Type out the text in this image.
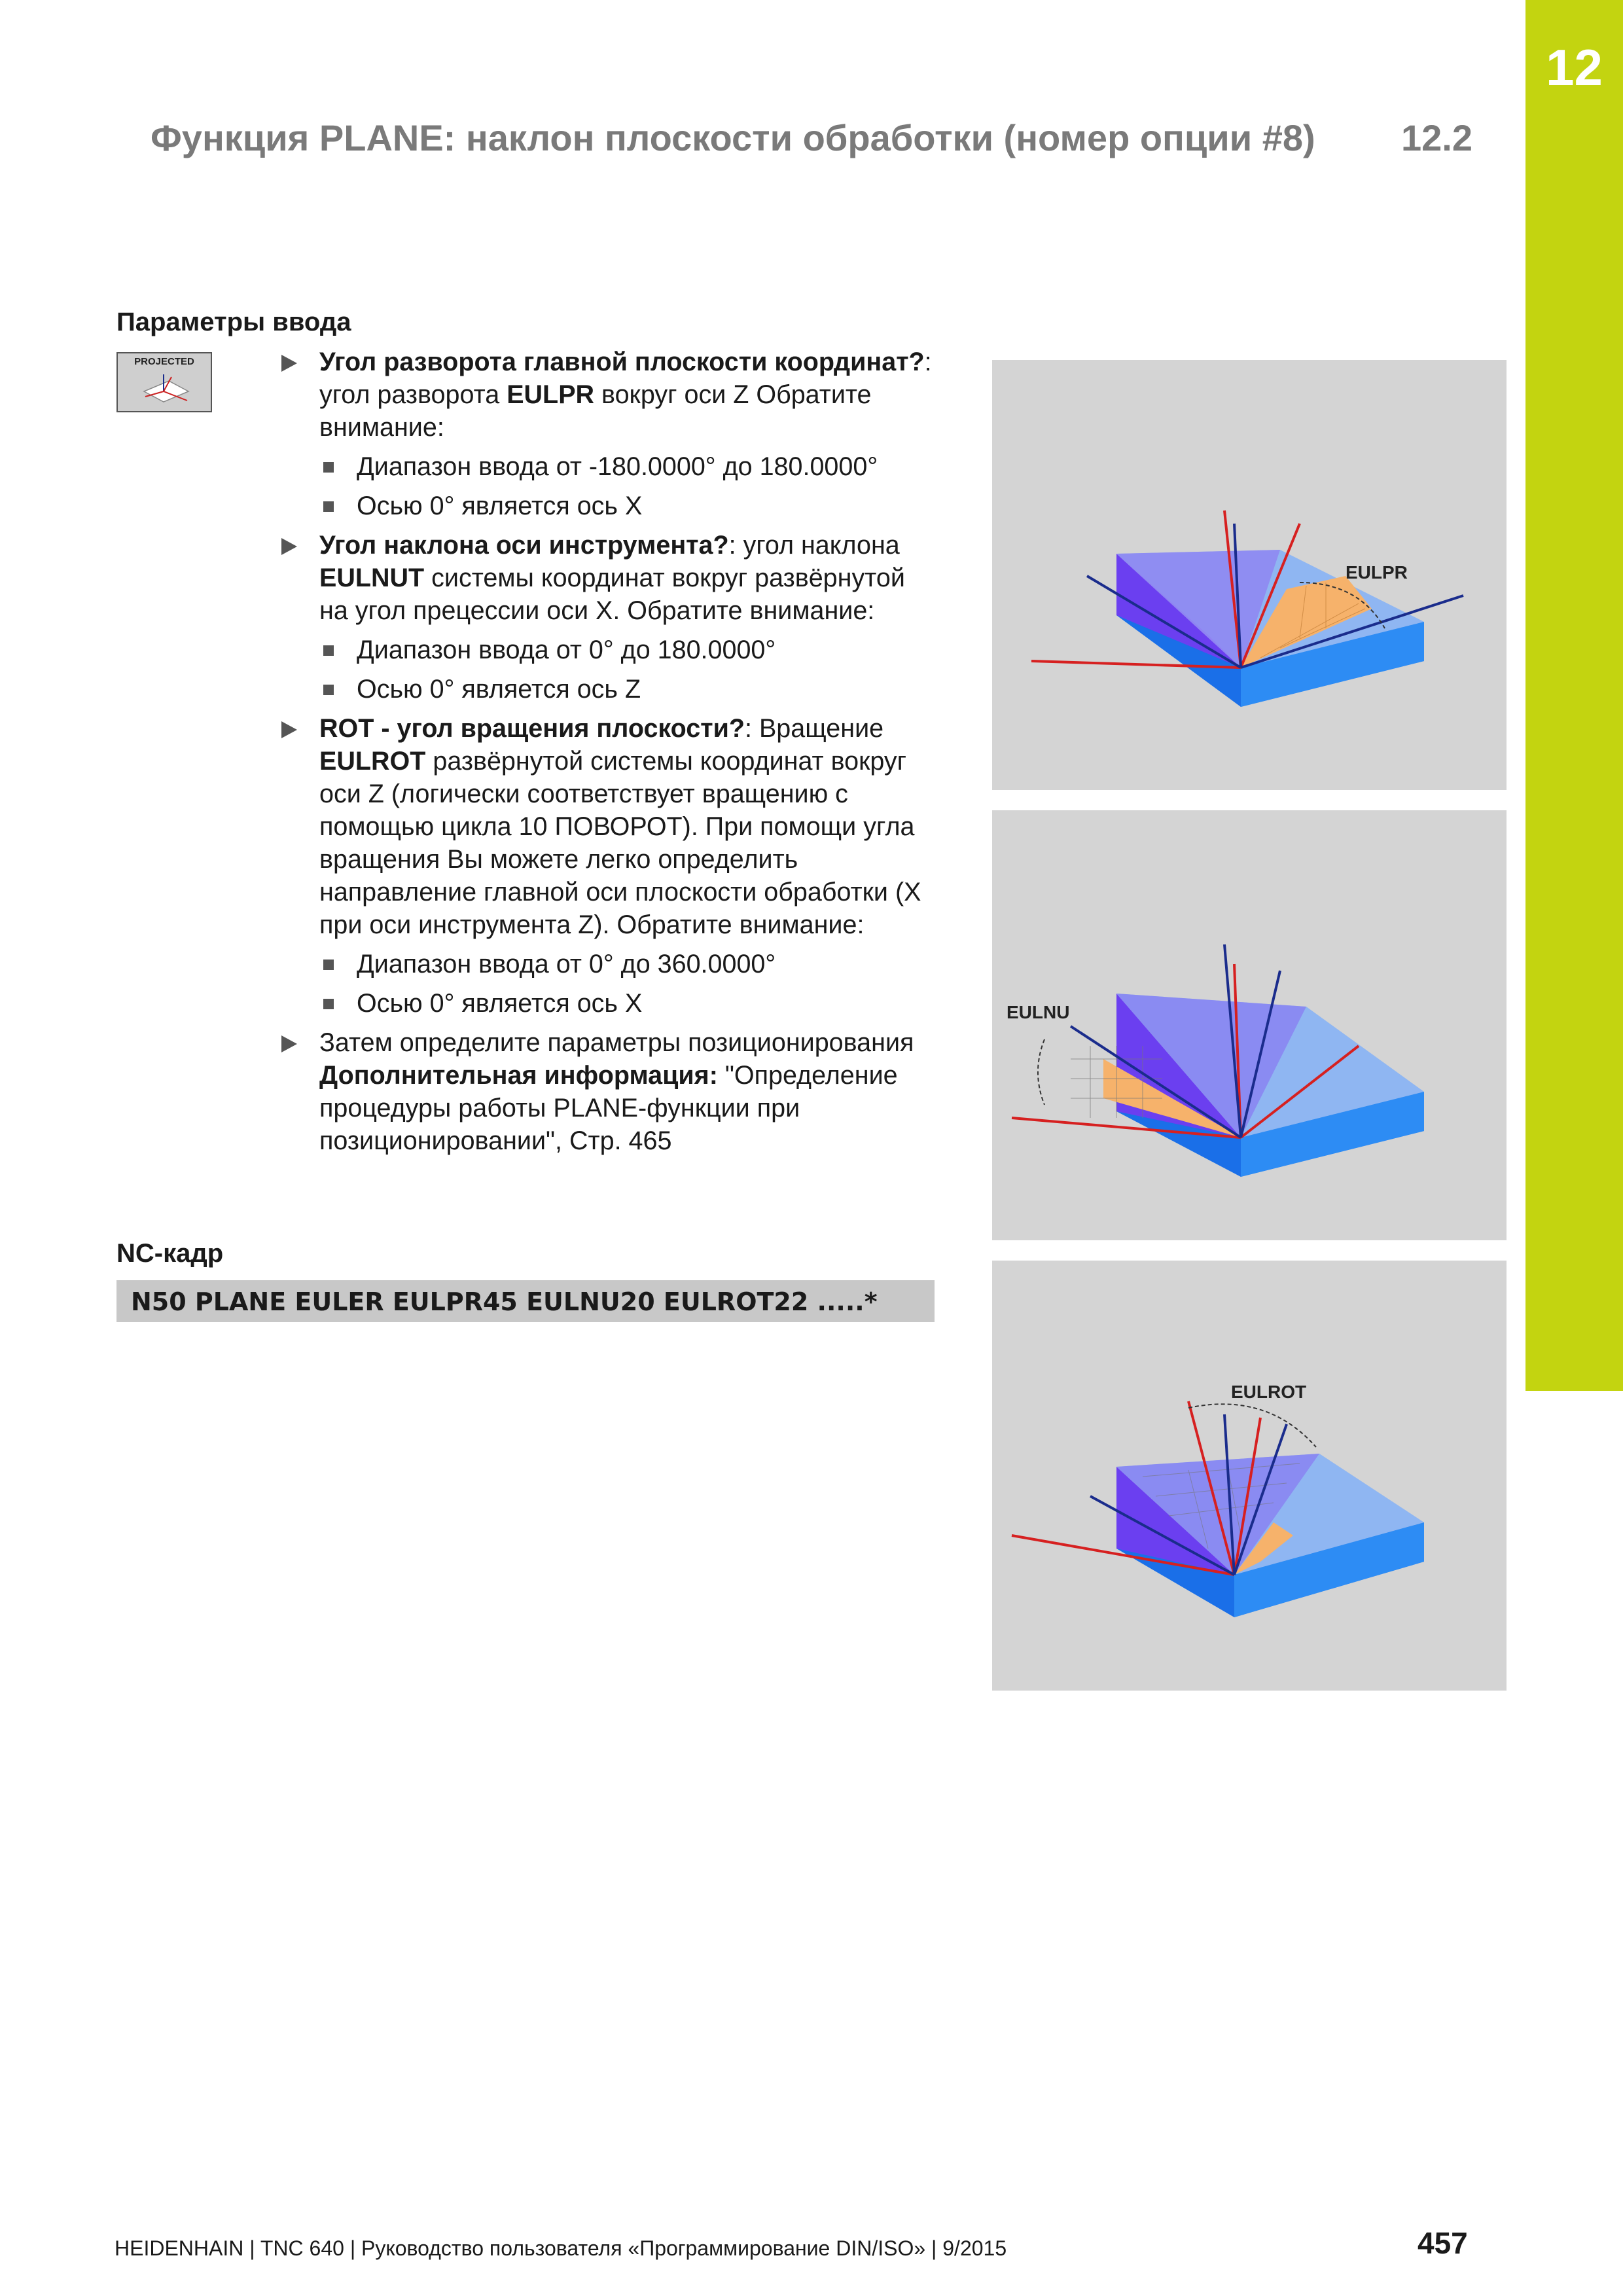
12
Функция PLANE: наклон плоскости обработки (номер опции #8) 12.2
Параметры ввода
PROJECTED	Угол разворота главной плоскости координат?: угол разворота EULPR вокруг оси Z Обратите внимание:
Диапазон ввода от -180.0000° до 180.0000°
Осью 0° является ось X
Угол наклона оси инструмента?: угол наклона EULNUT системы координат вокруг развёрнутой на угол прецессии оси X. Обратите внимание:
Диапазон ввода от 0° до 180.0000°
Осью 0° является ось Z
ROT - угол вращения плоскости?: Вращение EULROT развёрнутой системы координат вокруг оси Z (логически соответствует вращению с помощью цикла 10 ПОВОРОТ). При помощи угла вращения Вы можете легко определить направление главной оси плоскости обработки (X при оси инструмента Z). Обратите внимание:
Диапазон ввода от 0° до 360.0000°
Осью 0° является ось X
Затем определите параметры позиционирования
Дополнительная информация: "Определение процедуры работы PLANE-функции при позиционировании", Стр. 465
NC-кадр
N50 PLANE EULER EULPR45 EULNU20 EULROT22 .....*
EULPR
EULNU
EULROT
HEIDENHAIN | TNC 640 | Руководство пользователя «Программирование DIN/ISO» | 9/2015	457
